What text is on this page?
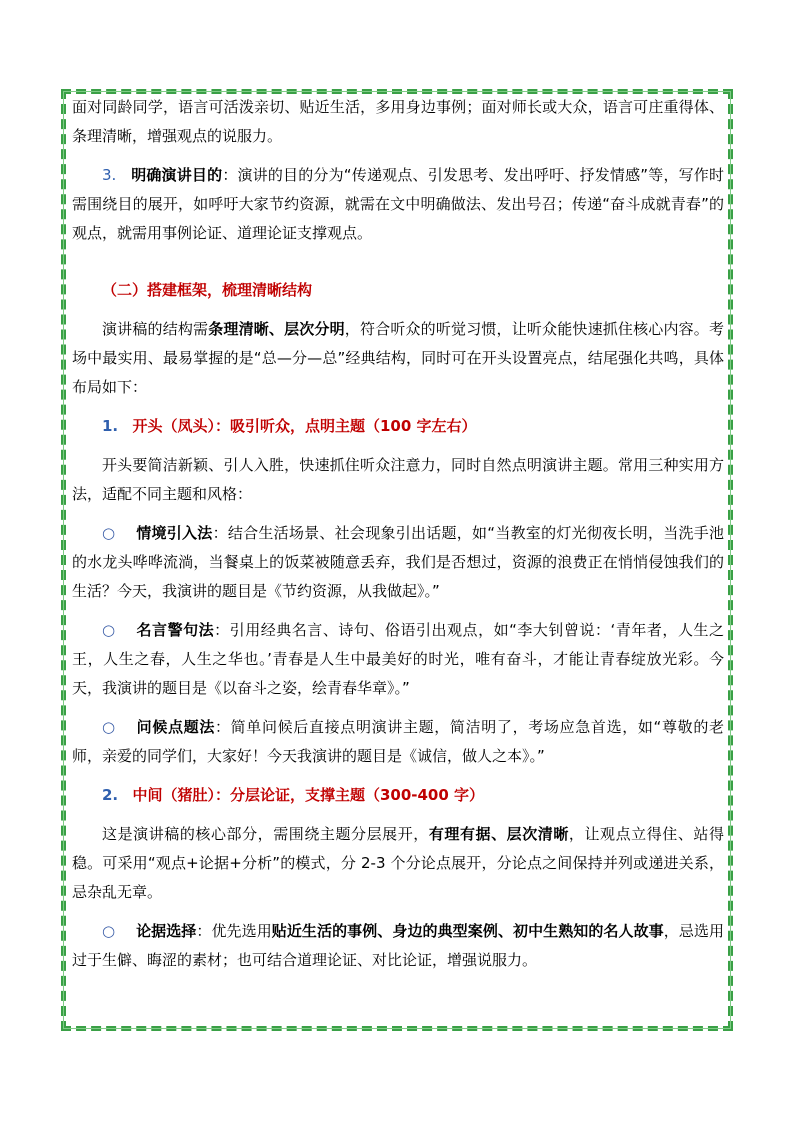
面对同龄同学，语言可活泼亲切、贴近生活，多用身边事例；面对师长或大众，语言可庄重得体、条理清晰，增强观点的说服力。

3. 明确演讲目的：演讲的目的分为“传递观点、引发思考、发出呼吁、抒发情感”等，写作时需围绕目的展开，如呼吁大家节约资源，就需在文中明确做法、发出号召；传递“奋斗成就青春”的观点，就需用事例论证、道理论证支撑观点。

（二）搭建框架，梳理清晰结构

演讲稿的结构需条理清晰、层次分明，符合听众的听觉习惯，让听众能快速抓住核心内容。考场中最实用、最易掌握的是“总—分—总”经典结构，同时可在开头设置亮点，结尾强化共鸣，具体布局如下：

1. 开头（凤头）：吸引听众，点明主题（100 字左右）

开头要简洁新颖、引人入胜，快速抓住听众注意力，同时自然点明演讲主题。常用三种实用方法，适配不同主题和风格：

○ 情境引入法：结合生活场景、社会现象引出话题，如“当教室的灯光彻夜长明，当洗手池的水龙头哗哗流淌，当餐桌上的饭菜被随意丢弃，我们是否想过，资源的浪费正在悄悄侵蚀我们的生活？今天，我演讲的题目是《节约资源，从我做起》。”

○ 名言警句法：引用经典名言、诗句、俗语引出观点，如“李大钊曾说：‘青年者，人生之王，人生之春，人生之华也。’青春是人生中最美好的时光，唯有奋斗，才能让青春绽放光彩。今天，我演讲的题目是《以奋斗之姿，绘青春华章》。”

○ 问候点题法：简单问候后直接点明演讲主题，简洁明了，考场应急首选，如“尊敬的老师，亲爱的同学们，大家好！今天我演讲的题目是《诚信，做人之本》。”

2. 中间（猪肚）：分层论证，支撑主题（300-400 字）

这是演讲稿的核心部分，需围绕主题分层展开，有理有据、层次清晰，让观点立得住、站得稳。可采用“观点+论据+分析”的模式，分 2-3 个分论点展开，分论点之间保持并列或递进关系，忌杂乱无章。

○ 论据选择：优先选用贴近生活的事例、身边的典型案例、初中生熟知的名人故事，忌选用过于生僻、晦涩的素材；也可结合道理论证、对比论证，增强说服力。
